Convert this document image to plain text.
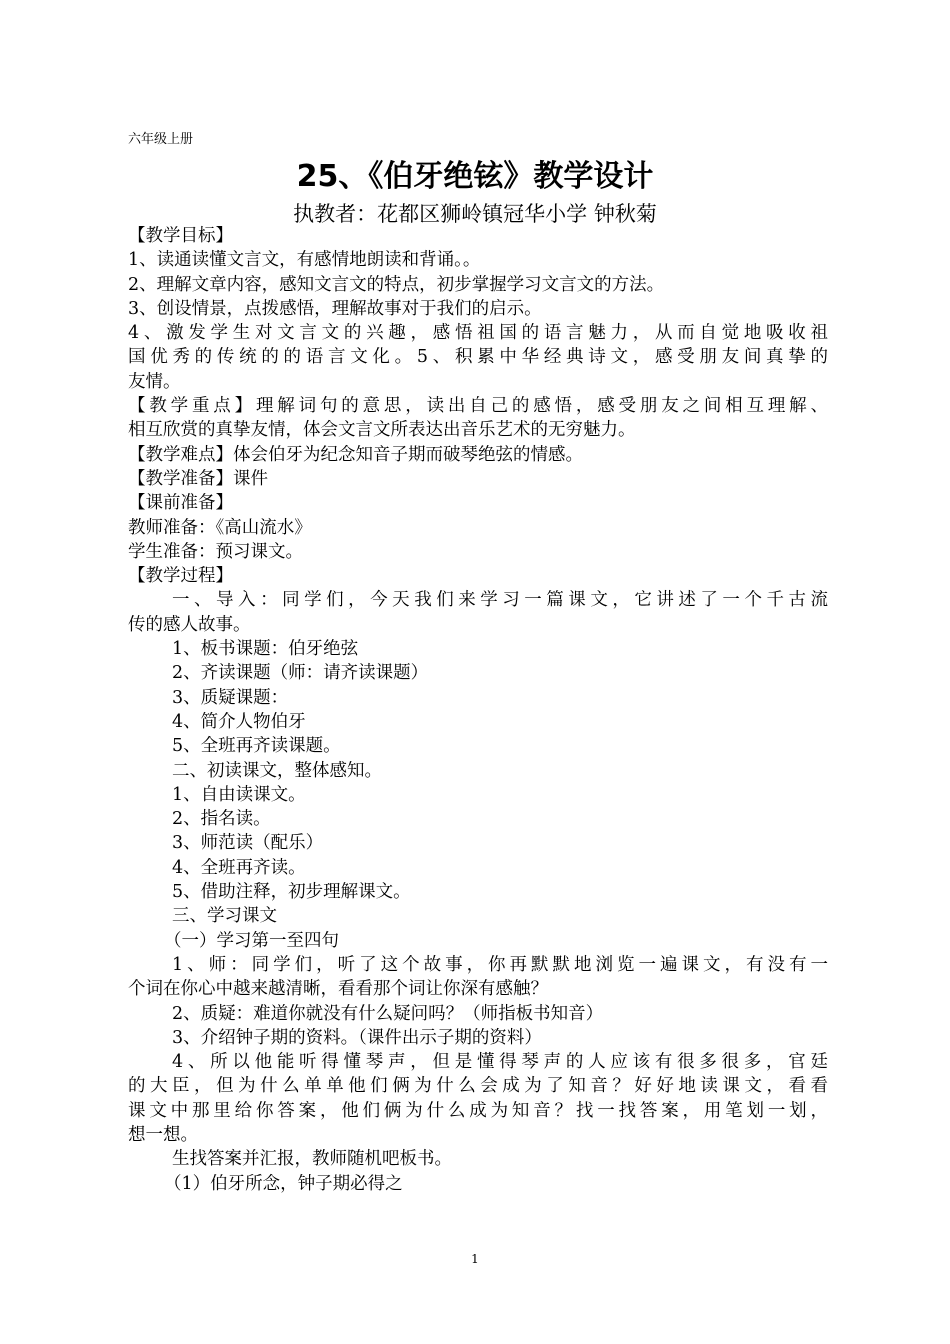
六年级上册
25、《伯牙绝铉》教学设计
执教者：花都区狮岭镇冠华小学 钟秋菊
【教学目标】
1、读通读懂文言文，有感情地朗读和背诵。。
2、理解文章内容，感知文言文的特点，初步掌握学习文言文的方法。
3、创设情景，点拨感悟，理解故事对于我们的启示。
4、激发学生对文言文的兴趣，感悟祖国的语言魅力，从而自觉地吸收祖
国优秀的传统的的语言文化。5、积累中华经典诗文，感受朋友间真挚的
友情。
【教学重点】理解词句的意思，读出自己的感悟，感受朋友之间相互理解、
相互欣赏的真挚友情，体会文言文所表达出音乐艺术的无穷魅力。
【教学难点】体会伯牙为纪念知音子期而破琴绝弦的情感。
【教学准备】课件
【课前准备】
教师准备：《高山流水》
学生准备：预习课文。
【教学过程】
一、导入：同学们，今天我们来学习一篇课文，它讲述了一个千古流
传的感人故事。
1、板书课题：伯牙绝弦
2、齐读课题（师：请齐读课题）
3、质疑课题：
4、简介人物伯牙
5、全班再齐读课题。
二、初读课文，整体感知。
1、自由读课文。
2、指名读。
3、师范读（配乐）
4、全班再齐读。
5、借助注释，初步理解课文。
三、学习课文
（一）学习第一至四句
1、师：同学们，听了这个故事，你再默默地浏览一遍课文，有没有一
个词在你心中越来越清晰，看看那个词让你深有感触？
2、质疑：难道你就没有什么疑问吗？（师指板书知音）
3、介绍钟子期的资料。（课件出示子期的资料）
4、所以他能听得懂琴声，但是懂得琴声的人应该有很多很多，官廷
的大臣，但为什么单单他们俩为什么会成为了知音？好好地读课文，看看
课文中那里给你答案，他们俩为什么成为知音？找一找答案，用笔划一划，
想一想。
生找答案并汇报，教师随机吧板书。
（1）伯牙所念，钟子期必得之
1
